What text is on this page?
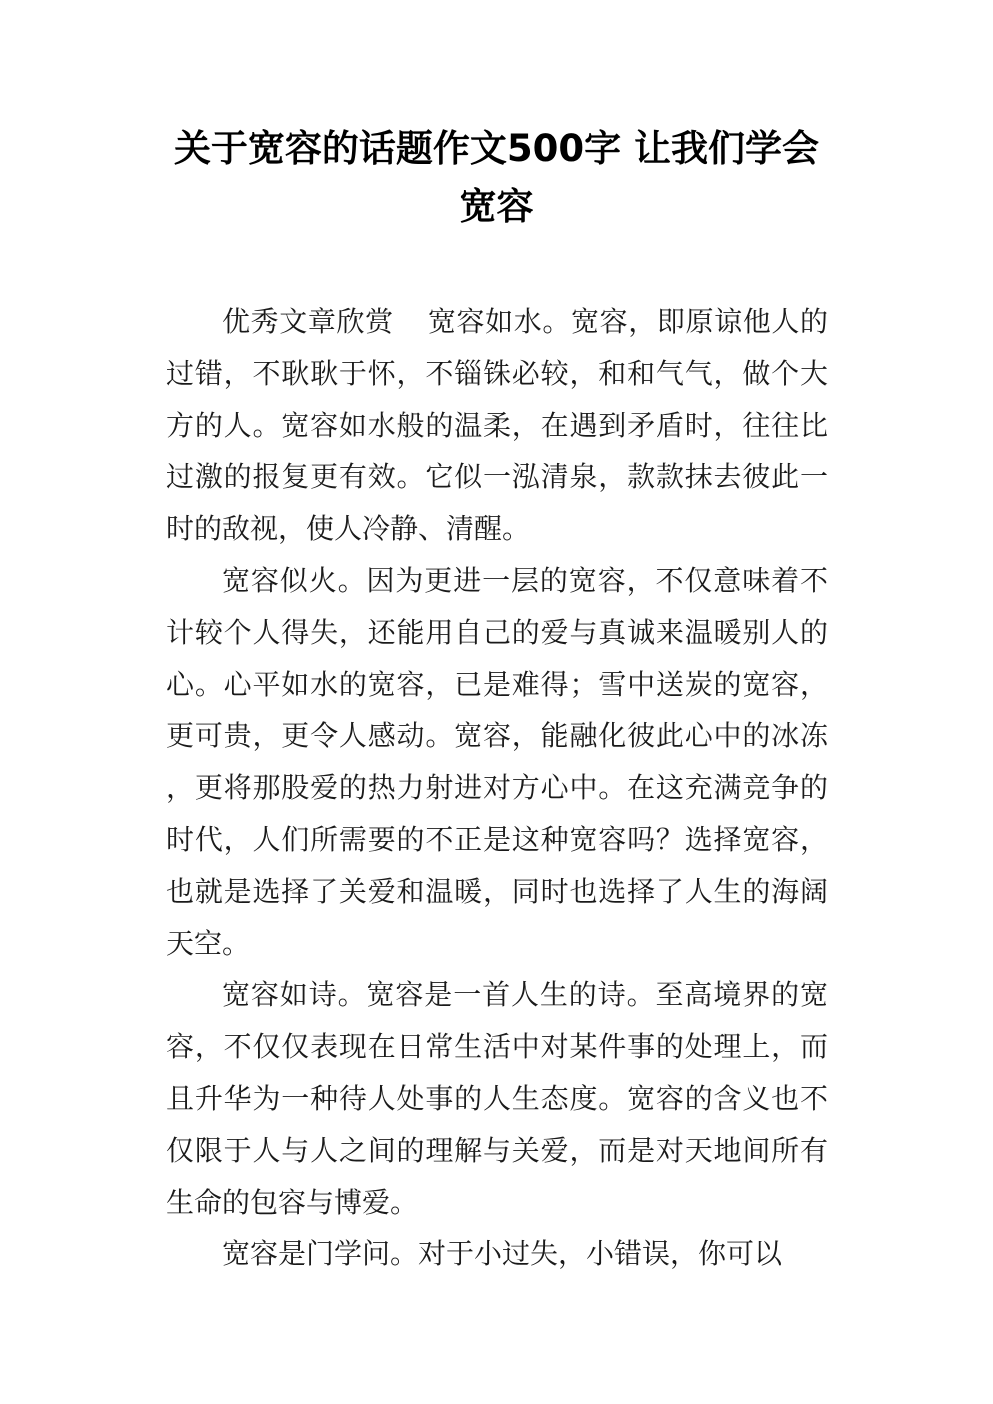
关于宽容的话题作文500字 让我们学会宽容

优秀文章欣赏 宽容如水。宽容，即原谅他人的过错，不耿耿于怀，不锱铢必较，和和气气，做个大方的人。宽容如水般的温柔，在遇到矛盾时，往往比过激的报复更有效。它似一泓清泉，款款抹去彼此一时的敌视，使人冷静、清醒。

宽容似火。因为更进一层的宽容，不仅意味着不计较个人得失，还能用自己的爱与真诚来温暖别人的心。心平如水的宽容，已是难得；雪中送炭的宽容，更可贵，更令人感动。宽容，能融化彼此心中的冰冻，更将那股爱的热力射进对方心中。在这充满竞争的时代，人们所需要的不正是这种宽容吗？选择宽容，也就是选择了关爱和温暖，同时也选择了人生的海阔天空。

宽容如诗。宽容是一首人生的诗。至高境界的宽容，不仅仅表现在日常生活中对某件事的处理上，而且升华为一种待人处事的人生态度。宽容的含义也不仅限于人与人之间的理解与关爱，而是对天地间所有生命的包容与博爱。

宽容是门学问。对于小过失，小错误，你可以
